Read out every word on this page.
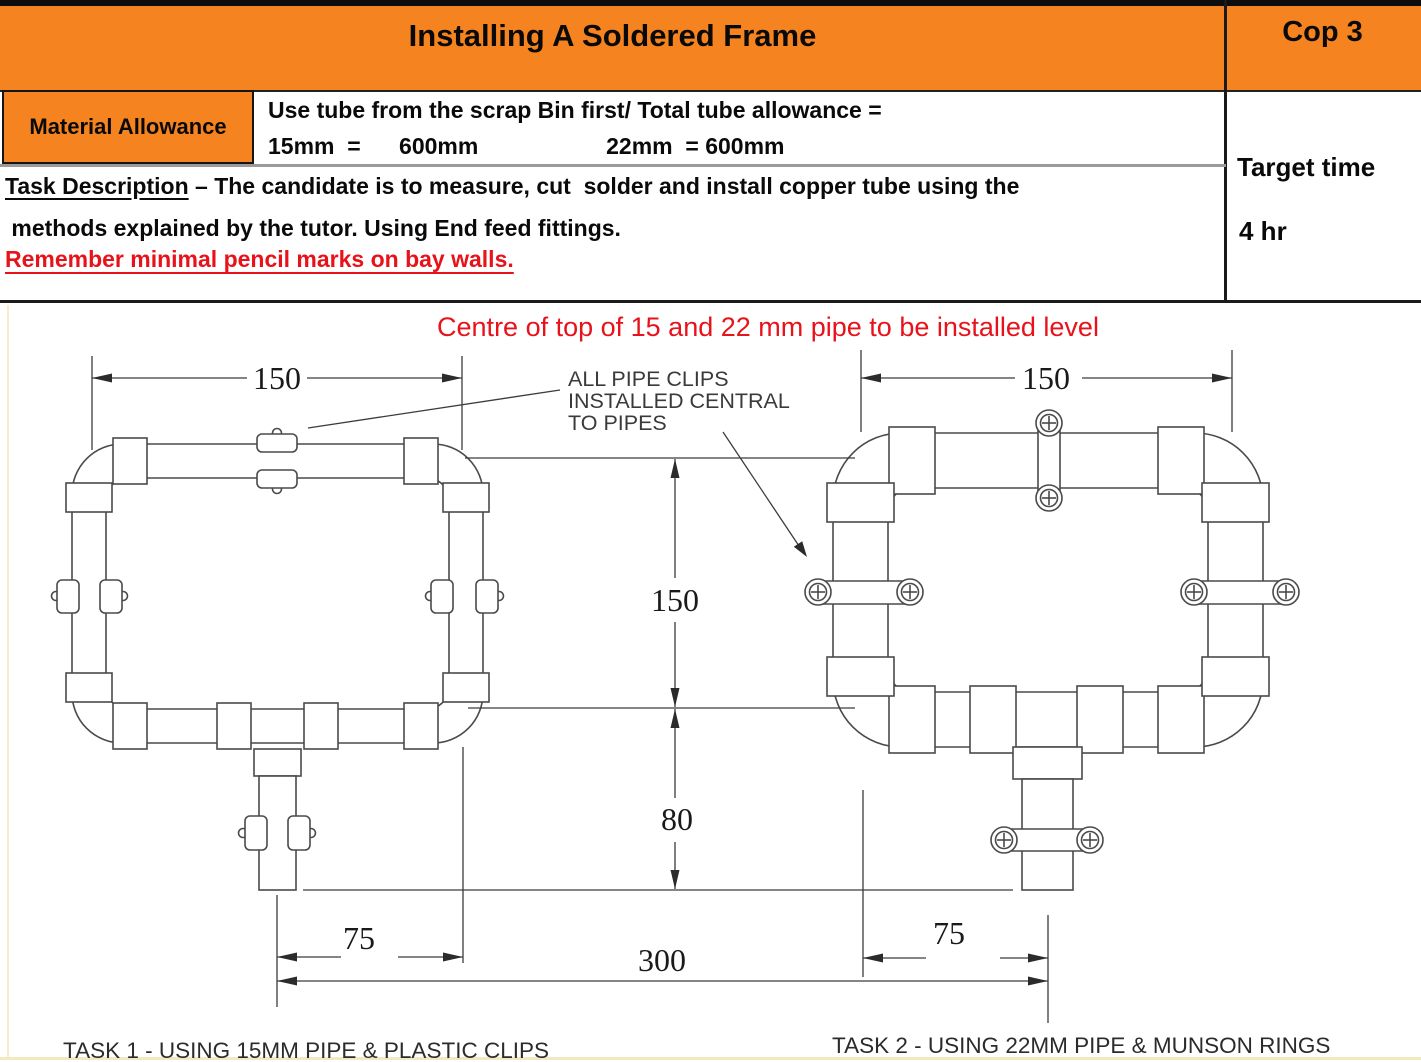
Installing A Soldered Frame	Cop 3
Material Allowance
Use tube from the scrap Bin first/ Total tube allowance =
15mm  =      600mm                    22mm  = 600mm
Task Description – The candidate is to measure, cut  solder and install copper tube using the
methods explained by the tutor. Using End feed fittings.
Remember minimal pencil marks on bay walls.
Target time
4 hr
Centre of top of 15 and 22 mm pipe to be installed level
150	150
150
80
75	75
300
ALL PIPE CLIPS
INSTALLED CENTRAL
TO PIPES
TASK 1 - USING 15MM PIPE & PLASTIC CLIPS	TASK 2 - USING 22MM PIPE & MUNSON RINGS
